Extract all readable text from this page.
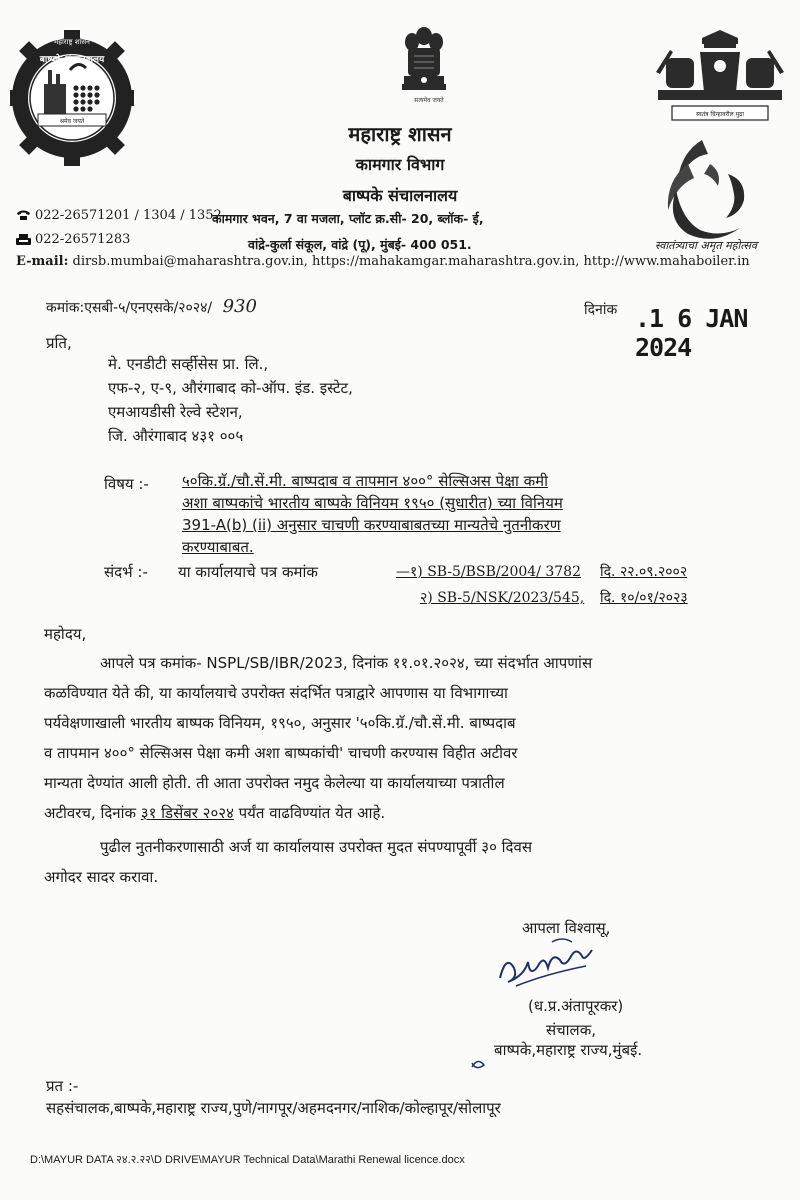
श्रमेव जयते
महाराष्ट्र शासन
बाष्पके संचालनालय
सत्यमेव जयते
स्वतंत्र चिन्हावरील मुद्रा
स्वातंत्र्याचा अमृत महोत्सव
महाराष्ट्र शासन
कामगार विभाग
बाष्पके संचालनालय
022-26571201 / 1304 / 1352
022-26571283
कामगार भवन, 7 वा मजला, प्लॉट क्र.सी- 20, ब्लॉक- ई,
वांद्रे-कुर्ला संकूल, वांद्रे (पू), मुंबई- 400 051.
E-mail: dirsb.mumbai@maharashtra.gov.in, https://mahakamgar.maharashtra.gov.in, http://www.mahaboiler.in
कमांक:एसबी-५/एनएसके/२०२४/ 930	दिनांक .1 6 JAN 2024
प्रति,
मे. एनडीटी सर्व्हीसेस प्रा. लि.,
एफ-२, ए-९, औरंगाबाद को-ऑप. इंड. इस्टेट,
एमआयडीसी रेल्वे स्टेशन,
जि. औरंगाबाद ४३१ ००५
विषय :- ५०कि.ग्रॅ./चौ.सें.मी. बाष्पदाब व तापमान ४००° सेल्सिअस पेक्षा कमी
अशा बाष्पकांचे भारतीय बाष्पके विनियम १९५० (सुधारीत) च्या विनियम
391-A(b) (ii) अनुसार चाचणी करण्याबाबतच्या मान्यतेचे नुतनीकरण
करण्याबाबत.
संदर्भ :- या कार्यालयाचे पत्र कमांक	—१) SB-5/BSB/2004/ 3782 दि. २२.०९.२००२
२) SB-5/NSK/2023/545, दि. १०/०१/२०२३
महोदय,
आपले पत्र कमांक- NSPL/SB/IBR/2023, दिनांक ११.०१.२०२४, च्या संदर्भात आपणांस
कळविण्यात येते की, या कार्यालयाचे उपरोक्त संदर्भित पत्राद्वारे आपणास या विभागाच्या
पर्यवेक्षणाखाली भारतीय बाष्पक विनियम, १९५०, अनुसार '५०कि.ग्रॅ./चौ.सें.मी. बाष्पदाब
व तापमान ४००° सेल्सिअस पेक्षा कमी अशा बाष्पकांची' चाचणी करण्यास विहीत अटीवर
मान्यता देण्यांत आली होती. ती आता उपरोक्त नमुद केलेल्या या कार्यालयाच्या पत्रातील
अटीवरच, दिनांक ३१ डिसेंबर २०२४ पर्यंत वाढविण्यांत येत आहे.
पुढील नुतनीकरणासाठी अर्ज या कार्यालयास उपरोक्त मुदत संपण्यापूर्वी ३० दिवस
अगोदर सादर करावा.
आपला विश्वासू,
(ध.प्र.अंतापूरकर)
संचालक,
बाष्पके,महाराष्ट्र राज्य,मुंबई.
प्रत :-
सहसंचालक,बाष्पके,महाराष्ट्र राज्य,पुणे/नागपूर/अहमदनगर/नाशिक/कोल्हापूर/सोलापूर
D:\MAYUR DATA २४.२.२२\D DRIVE\MAYUR Technical Data\Marathi Renewal licence.docx
